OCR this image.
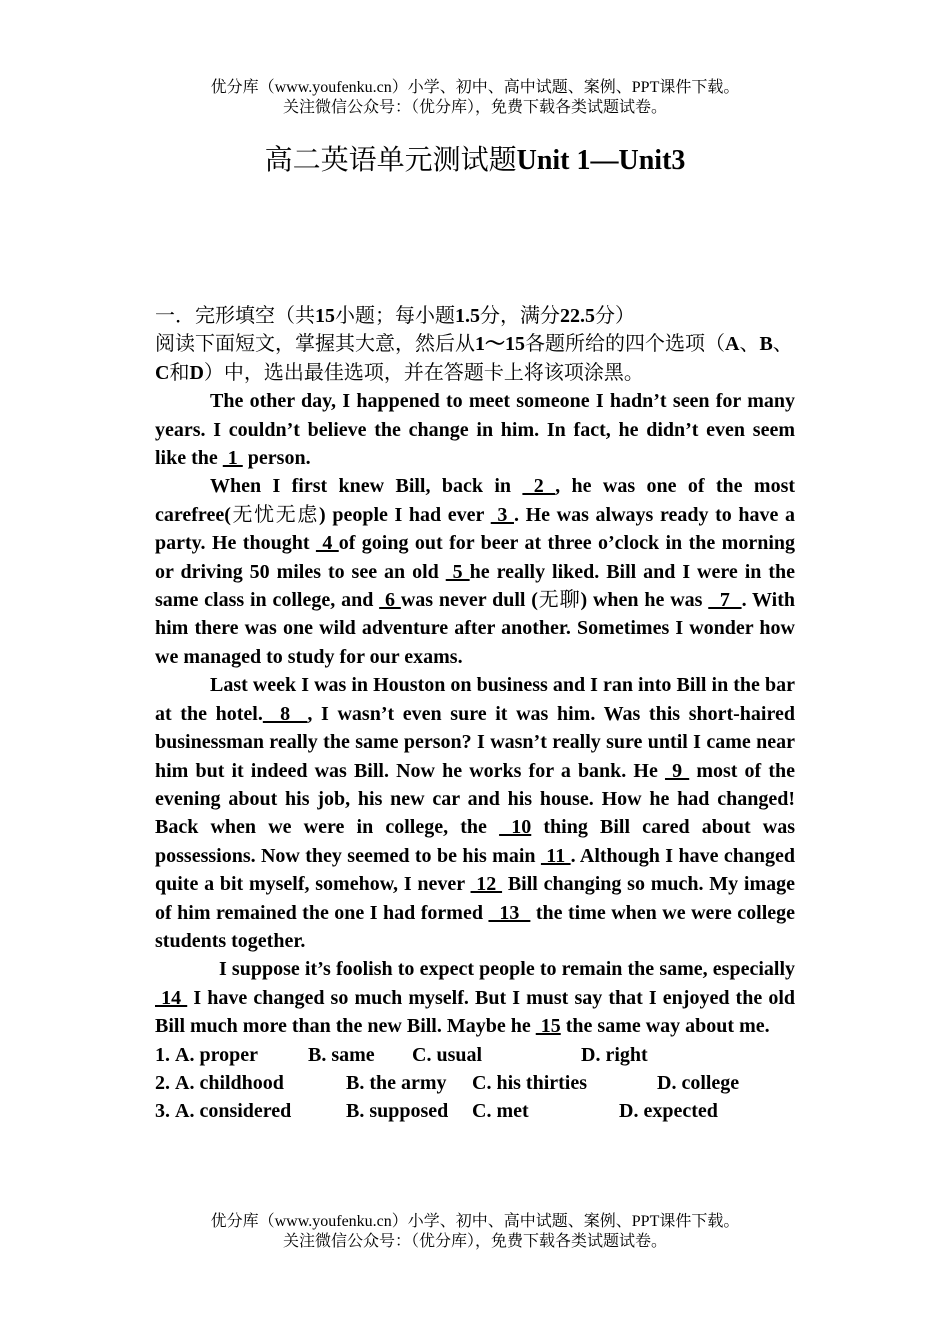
优分库（www.youfenku.cn）小学、初中、高中试题、案例、PPT课件下载。
关注微信公众号：（优分库），免费下载各类试题试卷。
高二英语单元测试题Unit 1—Unit3

一．完形填空（共15小题；每小题1.5分，满分22.5分）

阅读下面短文，掌握其大意，然后从1～15各题所给的四个选项（A、B、C和D）中，选出最佳选项，并在答题卡上将该项涂黑。

The other day, I happened to meet someone I hadn’t seen for many years. I couldn’t believe the change in him. In fact, he didn’t even seem like the  1  person.

When I first knew Bill, back in  2 , he was one of the most carefree(无忧无虑) people I had ever  3 . He was always ready to have a party. He thought  4 of going out for beer at three o’clock in the morning or driving 50 miles to see an old  5 he really liked. Bill and I were in the same class in college, and  6 was never dull (无聊) when he was   7  . With him there was one wild adventure after another. Sometimes I wonder how we managed to study for our exams.

Last week I was in Houston on business and I ran into Bill in the bar at the hotel.  8  , I wasn’t even sure it was him. Was this short-haired businessman really the same person? I wasn’t really sure until I came near him but it indeed was Bill. Now he works for a bank. He  9  most of the evening about his job, his new car and his house. How he had changed! Back when we were in college, the  10 thing Bill cared about was possessions. Now they seemed to be his main  11 . Although I have changed quite a bit myself, somehow, I never  12  Bill changing so much. My image of him remained the one I had formed   13   the time when we were college students together.

I suppose it’s foolish to expect people to remain the same, especially 14  I have changed so much myself. But I must say that I enjoyed the old Bill much more than the new Bill. Maybe he  15 the same way about me.

1. A. proper	B. same C. usual	D. right
2. A. childhood	B. the army C. his thirties	D. college
3. A. considered	B. supposed C. met	D. expected
优分库（www.youfenku.cn）小学、初中、高中试题、案例、PPT课件下载。
关注微信公众号：（优分库），免费下载各类试题试卷。
